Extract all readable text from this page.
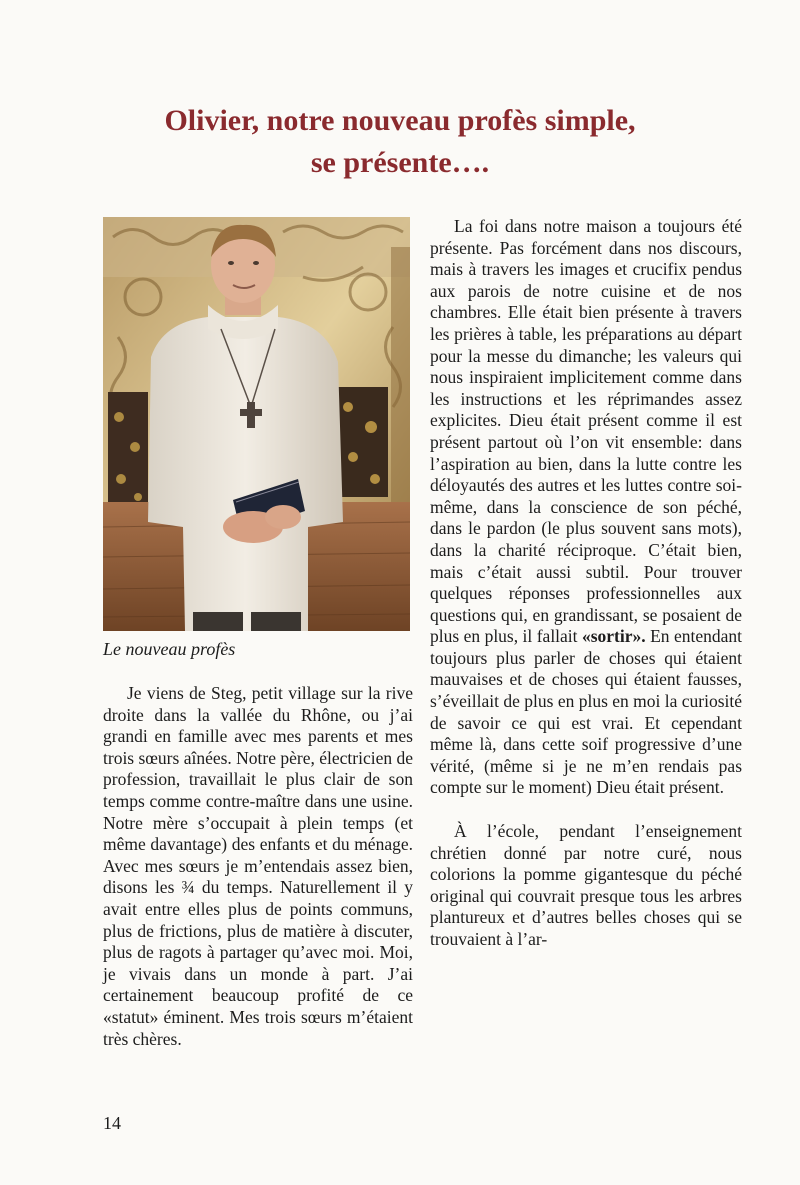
Olivier, notre nouveau profès simple,
se présente….

Le nouveau profès

Je viens de Steg, petit village sur la rive droite dans la vallée du Rhône, ou j’ai grandi en famille avec mes parents et mes trois sœurs aînées. Notre père, électricien de profession, travaillait le plus clair de son temps comme contre-maître dans une usine. Notre mère s’occupait à plein temps (et même davantage) des enfants et du ménage. Avec mes sœurs je m’entendais assez bien, disons les ¾ du temps. Naturellement il y avait entre elles plus de points communs, plus de frictions, plus de matière à discuter, plus de ragots à partager qu’avec moi. Moi, je vivais dans un monde à part. J’ai certainement beaucoup profité de ce «statut» éminent. Mes trois sœurs m’étaient très chères.

La foi dans notre maison a toujours été présente. Pas forcément dans nos discours, mais à travers les images et crucifix pendus aux parois de notre cuisine et de nos chambres. Elle était bien présente à travers les prières à table, les préparations au départ pour la messe du dimanche; les valeurs qui nous inspiraient implicitement comme dans les instructions et les réprimandes assez explicites. Dieu était présent comme il est présent partout où l’on vit ensemble: dans l’aspiration au bien, dans la lutte contre les déloyautés des autres et les luttes contre soi-même, dans la conscience de son péché, dans le pardon (le plus souvent sans mots), dans la charité réciproque. C’était bien, mais c’était aussi subtil. Pour trouver quelques réponses professionnelles aux questions qui, en grandissant, se posaient de plus en plus, il fallait «sortir». En entendant toujours plus parler de choses qui étaient mauvaises et de choses qui étaient fausses, s’éveillait de plus en plus en moi la curiosité de savoir ce qui est vrai. Et cependant même là, dans cette soif progressive d’une vérité, (même si je ne m’en rendais pas compte sur le moment) Dieu était présent.

À l’école, pendant l’enseignement chrétien donné par notre curé, nous colorions la pomme gigantesque du péché original qui couvrait presque tous les arbres plantureux et d’autres belles choses qui se trouvaient à l’ar-

14
